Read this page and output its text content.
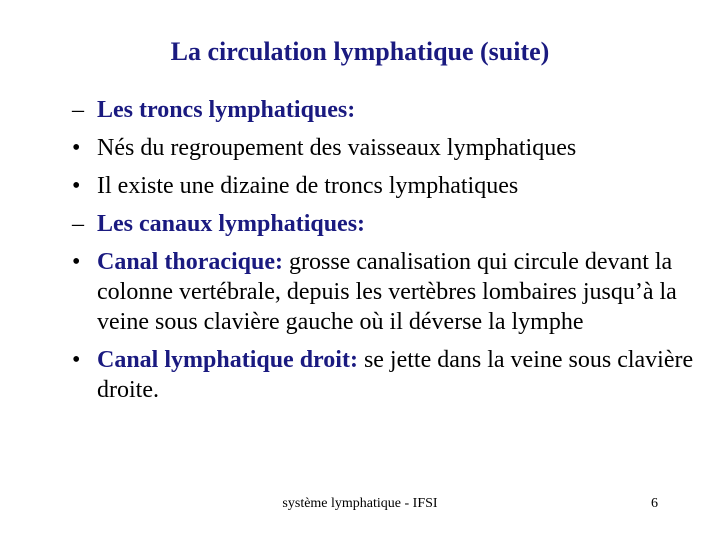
La circulation lymphatique (suite)
– Les troncs lymphatiques:
• Nés du regroupement des vaisseaux lymphatiques
• Il existe une dizaine de troncs lymphatiques
– Les canaux lymphatiques:
• Canal thoracique: grosse canalisation qui circule devant la colonne vertébrale, depuis les vertèbres lombaires jusqu’à la veine sous clavière gauche où il déverse la lymphe
• Canal lymphatique droit: se jette dans la veine sous clavière droite.
système lymphatique - IFSI	6
